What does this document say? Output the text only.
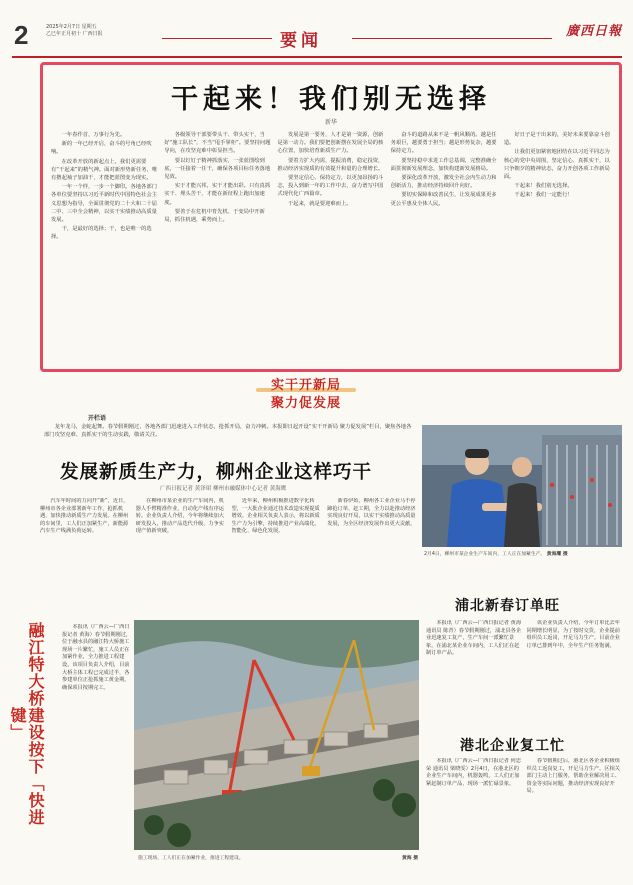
2	2025年2月7日 星期五
乙巳年正月初十 广西日报	要闻	廣西日報
干起来！我们别无选择
新华

一年春作首，万事行为先。

新的一年已经开启，奋斗的号角已经吹响。

在改革开放的新起点上，我们更需要有“干起来”的精气神。面对新形势新任务，唯有撸起袖子加油干，才能把蓝图变为现实。

一年一个样，一步一个脚印。各地各部门各单位要坚持以习近平新时代中国特色社会主义思想为指导，全面贯彻党的二十大和二十届二中、三中全会精神，以实干实绩推动高质量发展。

干，是最好的选择；干，也是唯一的选择。

各级领导干部要带头干、带头实干，当好“施工队长”，不当“甩手掌柜”。要坚持问题导向，在攻坚克难中彰显担当。

要以钉钉子精神抓落实，一张蓝图绘到底，一任接着一任干，确保各项目标任务落地见效。

实干才能兴邦，实干才能出彩。只有真抓实干、埋头苦干，才能在新征程上跑出加速度。

要善于在危机中育先机、于变局中开新局，抓住机遇，乘势而上。

发展是第一要务，人才是第一资源，创新是第一动力。我们要把创新摆在发展全局的核心位置，加快培育新质生产力。

要着力扩大内需，提振消费，稳定投资，推动经济实现质的有效提升和量的合理增长。

要坚定信心、保持定力，以更加昂扬的斗志，投入到新一年的工作中去，奋力谱写中国式现代化广西篇章。

干起来，就是要迎难而上。

奋斗的道路从来不是一帆风顺的。越是任务艰巨，越要勇于担当；越是形势复杂，越要保持定力。

要坚持稳中求进工作总基调，完整准确全面贯彻新发展理念，加快构建新发展格局。

要深化改革开放，激发全社会内生动力和创新活力，推动经济持续回升向好。

要切实保障和改善民生，让发展成果更多更公平惠及全体人民。

好日子是干出来的，美好未来要靠奋斗创造。

让我们更加紧密地团结在以习近平同志为核心的党中央周围，坚定信心、真抓实干，以只争朝夕的精神状态，奋力开创各项工作新局面。

干起来！我们别无选择。

干起来！我们一定能行！

实干开新局
聚力促发展
开栏语
龙年龙马，金蛇起舞。春节假期刚过，各地各部门迅速进入工作状态，抢抓开局，奋力冲刺。本报即日起开设“实干开新局 聚力促发展”栏目，聚焦各地各部门攻坚克难、真抓实干的生动实践，敬请关注。
发展新质生产力，柳州企业这样巧干
广西日报记者 黄泽珺 柳州市融媒体中心记者 黄海鹰
汽车年时间的力向开“新”，近日，柳州市各企业部署新年工作，抢抓机遇，加快推动新质生产力发展。在柳州的车间里，工人们正加紧生产，新能源汽车生产线满负荷运转。
在柳州市某企业的生产车间内，机器人手臂精准作业，自动化产线有序运转。企业负责人介绍，今年将继续加大研发投入，推动产品迭代升级，力争实现产值新突破。
近年来，柳州积极推进数字化转型，一大批企业通过技术改造实现提质增效。企业相关负责人表示，将以新质生产力为引擎，持续推进产业高端化、智能化、绿色化发展。
新春伊始，柳州各工业企业马不停蹄抢订单、赶工期，全力以赴推动经济实现良好开局，以实干实绩推动高质量发展，为全区经济发展作出更大贡献。
2月4日，柳州市某企业生产车间内，工人正在加紧生产。 黄海鹰 摄
浦北新春订单旺
本报讯（广西云—广西日报记者 黄海 通讯员 陈青）春节假期刚过，浦北县各企业迅速复工复产，生产车间一派繁忙景象。在浦北某企业车间内，工人们正在赶制订单产品。
该企业负责人介绍，今年订单比去年同期增长明显，为了按时交货，企业提前组织员工返岗，开足马力生产。目前企业订单已排到年中，全年生产任务饱满。
融江特大桥建设按下「快进键」
本报讯（广西云—广西日报记者 黄海）春节假期刚过，位于融水县的融江特大桥施工现场一片繁忙，施工人员正在加紧作业，全力推进工程建设。该项目负责人介绍，目前大桥主体工程已完成过半，各参建单位正抢抓施工黄金期，确保项目按期完工。
施工现场，工人们正在加紧作业，推进工程建设。	黄海 摄
港北企业复工忙
本报讯（广西云—广西日报记者 何忠荣 通讯员 梁晓雯）2月4日，在港北区的企业生产车间内，机器轰鸣，工人们正加紧赶制订单产品，现场一派忙碌景象。
春节假期过后，港北区各企业积极组织员工返岗复工，开足马力生产。区相关部门主动上门服务，帮助企业解决用工、资金等实际问题，推动经济实现良好开局。
